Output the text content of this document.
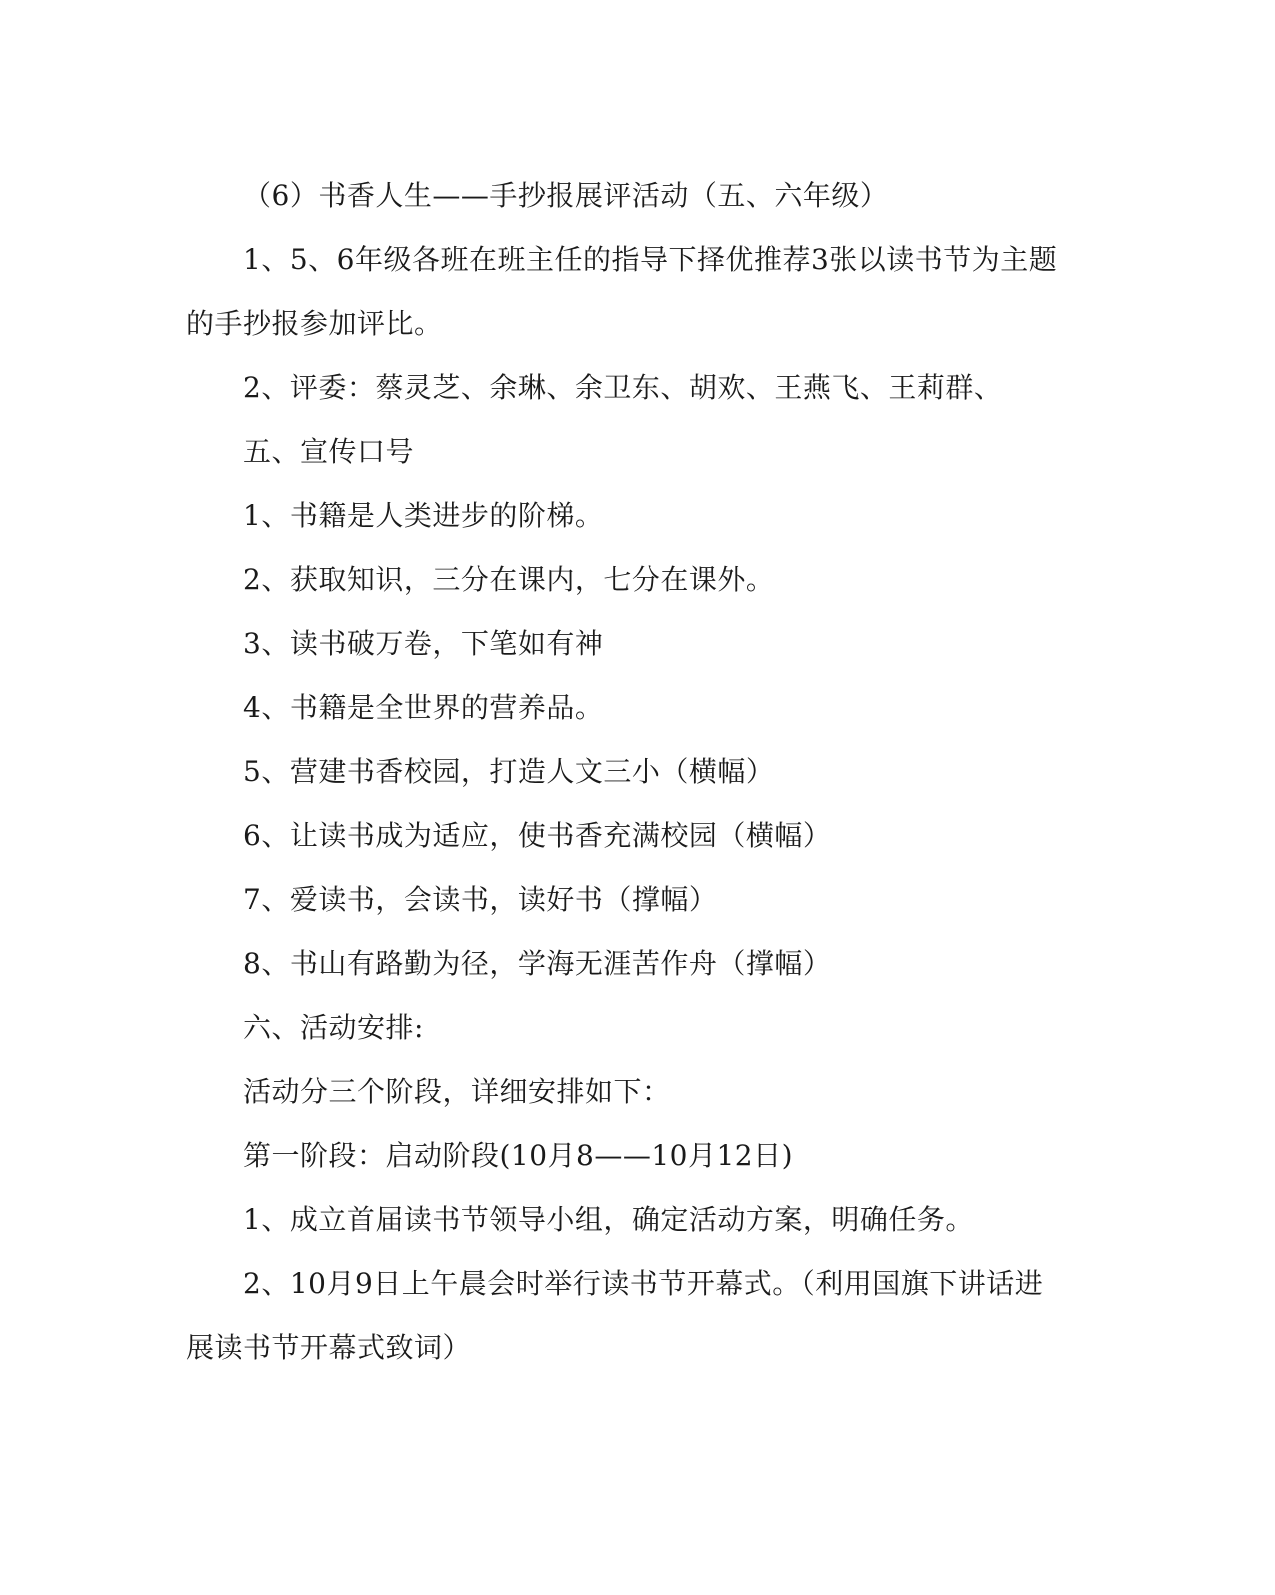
（6）书香人生——手抄报展评活动（五、六年级）

1、5、6年级各班在班主任的指导下择优推荐3张以读书节为主题的手抄报参加评比。

2、评委：蔡灵芝、余琳、余卫东、胡欢、王燕飞、王莉群、

五、宣传口号

1、书籍是人类进步的阶梯。

2、获取知识，三分在课内，七分在课外。

3、读书破万卷，下笔如有神

4、书籍是全世界的营养品。

5、营建书香校园，打造人文三小（横幅）

6、让读书成为适应，使书香充满校园（横幅）

7、爱读书，会读书，读好书（撑幅）

8、书山有路勤为径，学海无涯苦作舟（撑幅）

六、活动安排:

活动分三个阶段，详细安排如下：

第一阶段：启动阶段(10月8——10月12日)

1、成立首届读书节领导小组，确定活动方案，明确任务。

2、10月9日上午晨会时举行读书节开幕式。（利用国旗下讲话进展读书节开幕式致词）
